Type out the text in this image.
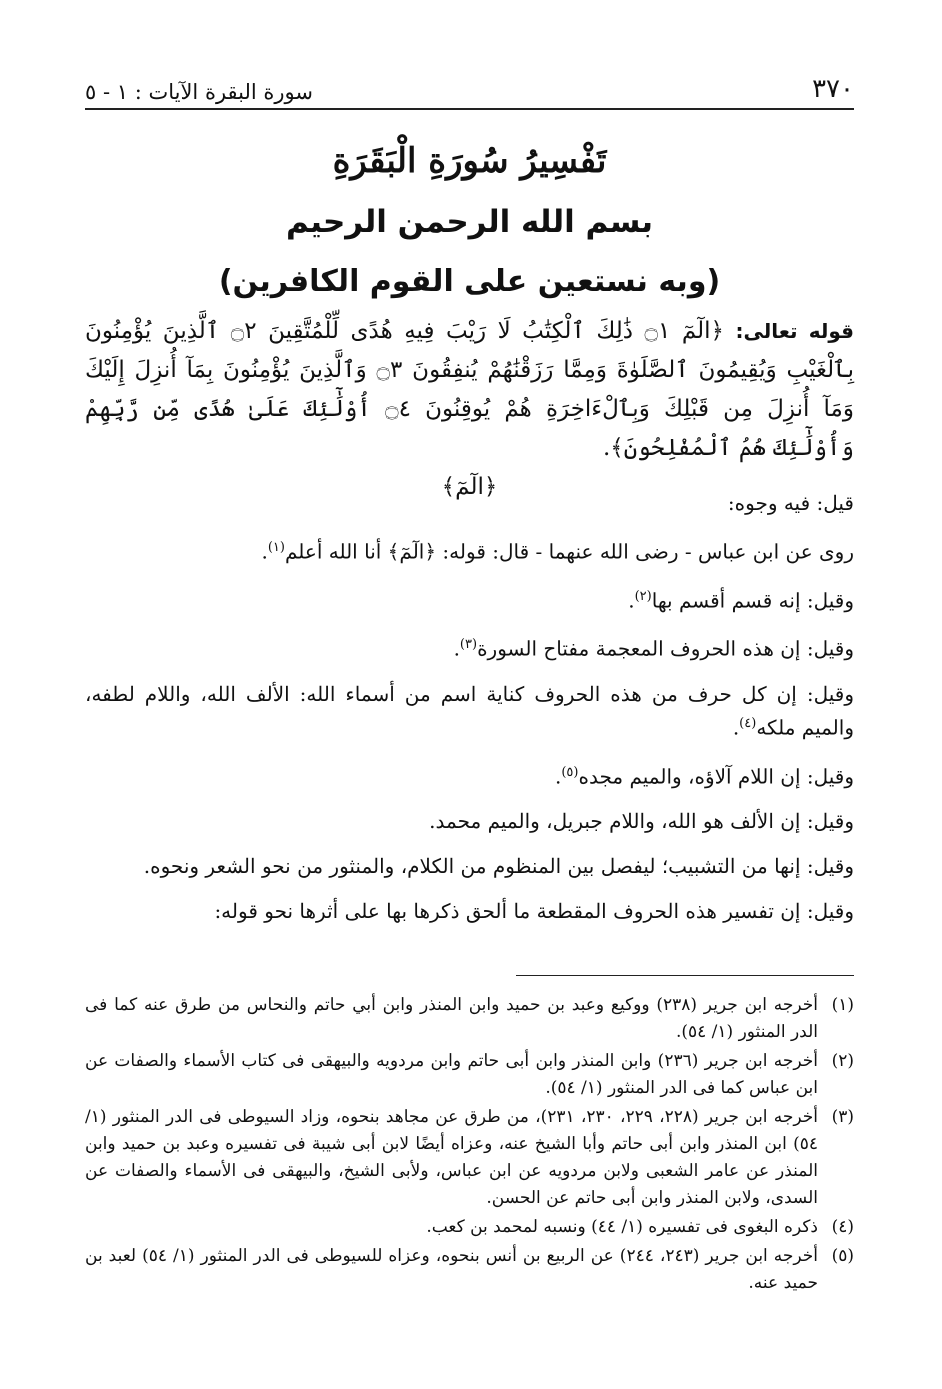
٣٧٠
سورة البقرة الآيات : ١ - ٥
تَفْسِيرُ سُورَةِ الْبَقَرَةِ
بسم الله الرحمن الرحيم
(وبه نستعين على القوم الكافرين)
قوله تعالى: ﴿الٓمٓ ۝١ ذَٰلِكَ ٱلْكِتَٰبُ لَا رَيْبَ فِيهِ هُدًى لِّلْمُتَّقِينَ ۝٢ ٱلَّذِينَ يُؤْمِنُونَ بِٱلْغَيْبِ وَيُقِيمُونَ ٱلصَّلَوٰةَ وَمِمَّا رَزَقْنَٰهُمْ يُنفِقُونَ ۝٣ وَٱلَّذِينَ يُؤْمِنُونَ بِمَآ أُنزِلَ إِلَيْكَ وَمَآ أُنزِلَ مِن قَبْلِكَ وَبِٱلْءَاخِرَةِ هُمْ يُوقِنُونَ ۝٤ أُوْلَٰٓئِكَ عَلَىٰ هُدًى مِّن رَّبِّهِمْ وَأُوْلَٰٓئِكَ هُمُ ٱلْمُفْلِحُونَ﴾.
﴿الٓمٓ﴾

قيل: فيه وجوه:

روى عن ابن عباس - رضى الله عنهما - قال: قوله: ﴿الٓمٓ﴾ أنا الله أعلم$^{(١)}$.

وقيل: إنه قسم أقسم بها$^{(٢)}$.

وقيل: إن هذه الحروف المعجمة مفتاح السورة$^{(٣)}$.

وقيل: إن كل حرف من هذه الحروف كناية اسم من أسماء الله: الألف الله، واللام لطفه، والميم ملكه$^{(٤)}$.

وقيل: إن اللام آلاؤه، والميم مجده$^{(٥)}$.

وقيل: إن الألف هو الله، واللام جبريل، والميم محمد.

وقيل: إنها من التشبيب؛ ليفصل بين المنظوم من الكلام، والمنثور من نحو الشعر ونحوه.

وقيل: إن تفسير هذه الحروف المقطعة ما ألحق ذكرها بها على أثرها نحو قوله:

(١)
أخرجه ابن جرير (٢٣٨) ووكيع وعبد بن حميد وابن المنذر وابن أبي حاتم والنحاس من طرق عنه كما فى الدر المنثور (١/ ٥٤).
(٢)
أخرجه ابن جرير (٢٣٦) وابن المنذر وابن أبى حاتم وابن مردويه والبيهقى فى كتاب الأسماء والصفات عن ابن عباس كما فى الدر المنثور (١/ ٥٤).
(٣)
أخرجه ابن جرير (٢٢٨، ٢٢٩، ٢٣٠، ٢٣١)، من طرق عن مجاهد بنحوه، وزاد السيوطى فى الدر المنثور (١/ ٥٤) ابن المنذر وابن أبى حاتم وأبا الشيخ عنه، وعزاه أيضًا لابن أبى شيبة فى تفسيره وعبد بن حميد وابن المنذر عن عامر الشعبى ولابن مردويه عن ابن عباس، ولأبى الشيخ، والبيهقى فى الأسماء والصفات عن السدى، ولابن المنذر وابن أبى حاتم عن الحسن.
(٤)
ذكره البغوى فى تفسيره (١/ ٤٤) ونسبه لمحمد بن كعب.
(٥)
أخرجه ابن جرير (٢٤٣، ٢٤٤) عن الربيع بن أنس بنحوه، وعزاه للسيوطى فى الدر المنثور (١/ ٥٤) لعبد بن حميد عنه.
